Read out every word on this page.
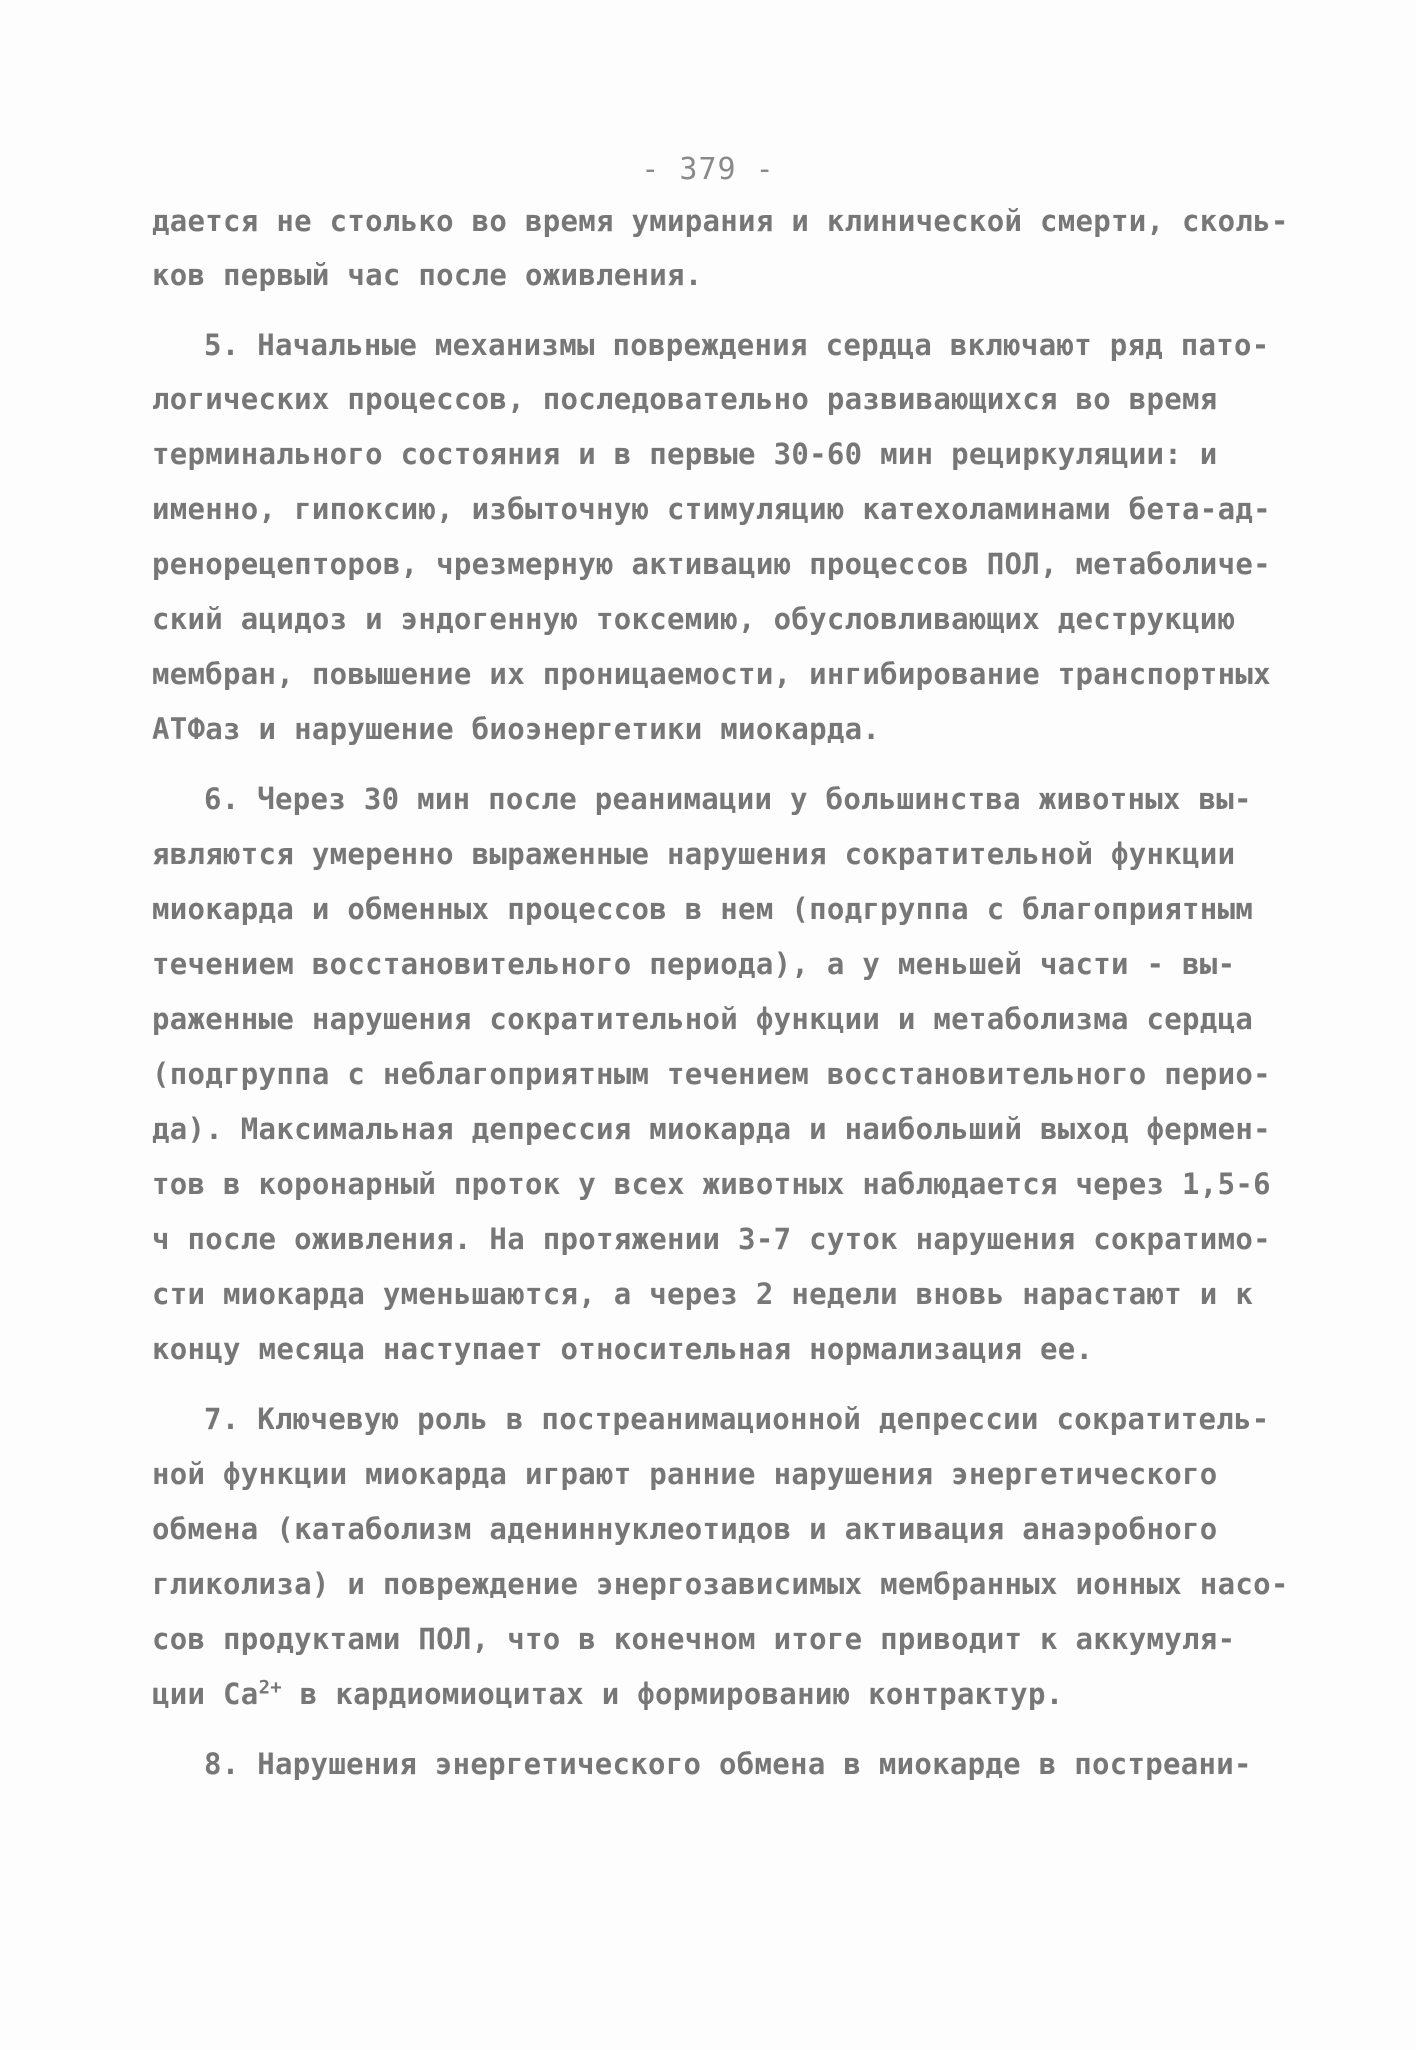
- 379 -
дается не столько во время умирания и клинической смерти, сколь-
ков первый час после оживления.
5. Начальные механизмы повреждения сердца включают ряд пато-
логических процессов, последовательно развивающихся во время
терминального состояния и в первые 30-60 мин рециркуляции: и
именно, гипоксию, избыточную стимуляцию катехоламинами бета-ад-
ренорецепторов, чрезмерную активацию процессов ПОЛ, метаболиче-
ский ацидоз и эндогенную токсемию, обусловливающих деструкцию
мембран, повышение их проницаемости, ингибирование транспортных
АТФаз и нарушение биоэнергетики миокарда.
6. Через 30 мин после реанимации у большинства животных вы-
являются умеренно выраженные нарушения сократительной функции
миокарда и обменных процессов в нем (подгруппа с благоприятным
течением восстановительного периода), а у меньшей части - вы-
раженные нарушения сократительной функции и метаболизма сердца
(подгруппа с неблагоприятным течением восстановительного перио-
да). Максимальная депрессия миокарда и наибольший выход фермен-
тов в коронарный проток у всех животных наблюдается через 1,5-6
ч после оживления. На протяжении 3-7 суток нарушения сократимо-
сти миокарда уменьшаются, а через 2 недели вновь нарастают и к
концу месяца наступает относительная нормализация ее.
7. Ключевую роль в постреанимационной депрессии сократитель-
ной функции миокарда играют ранние нарушения энергетического
обмена (катаболизм адениннуклеотидов и активация анаэробного
гликолиза) и повреждение энергозависимых мембранных ионных насо-
сов продуктами ПОЛ, что в конечном итоге приводит к аккумуля-
ции $Ca^{2+}$ в кардиомиоцитах и формированию контрактур.
8. Нарушения энергетического обмена в миокарде в постреани-
